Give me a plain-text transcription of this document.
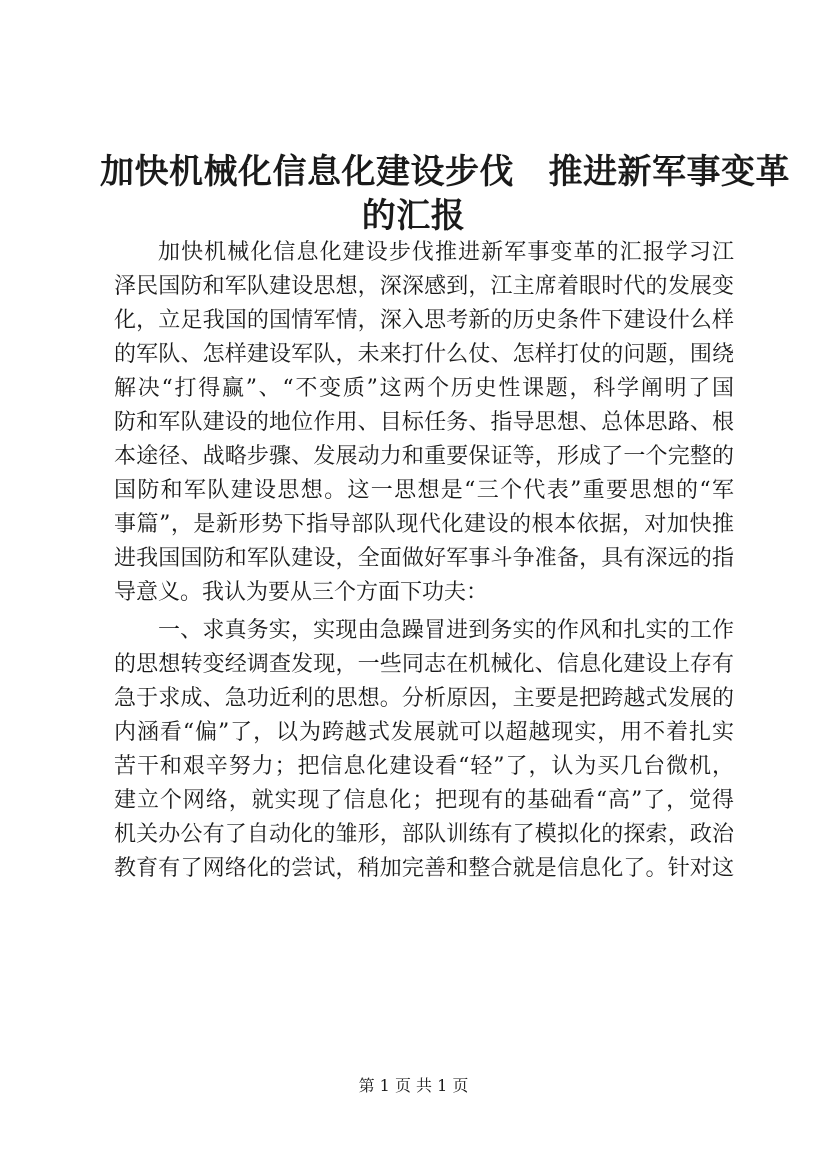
加快机械化信息化建设步伐　推进新军事变革
的汇报

加快机械化信息化建设步伐推进新军事变革的汇报学习江
泽民国防和军队建设思想，深深感到，江主席着眼时代的发展变
化，立足我国的国情军情，深入思考新的历史条件下建设什么样
的军队、怎样建设军队，未来打什么仗、怎样打仗的问题，围绕
解决“打得赢”、“不变质”这两个历史性课题，科学阐明了国
防和军队建设的地位作用、目标任务、指导思想、总体思路、根
本途径、战略步骤、发展动力和重要保证等，形成了一个完整的
国防和军队建设思想。这一思想是“三个代表”重要思想的“军
事篇”，是新形势下指导部队现代化建设的根本依据，对加快推
进我国国防和军队建设，全面做好军事斗争准备，具有深远的指
导意义。我认为要从三个方面下功夫：

一、求真务实，实现由急躁冒进到务实的作风和扎实的工作
的思想转变经调查发现，一些同志在机械化、信息化建设上存有
急于求成、急功近利的思想。分析原因，主要是把跨越式发展的
内涵看“偏”了，以为跨越式发展就可以超越现实，用不着扎实
苦干和艰辛努力；把信息化建设看“轻”了，认为买几台微机，
建立个网络，就实现了信息化；把现有的基础看“高”了，觉得
机关办公有了自动化的雏形，部队训练有了模拟化的探索，政治
教育有了网络化的尝试，稍加完善和整合就是信息化了。针对这

第 1 页 共 1 页
